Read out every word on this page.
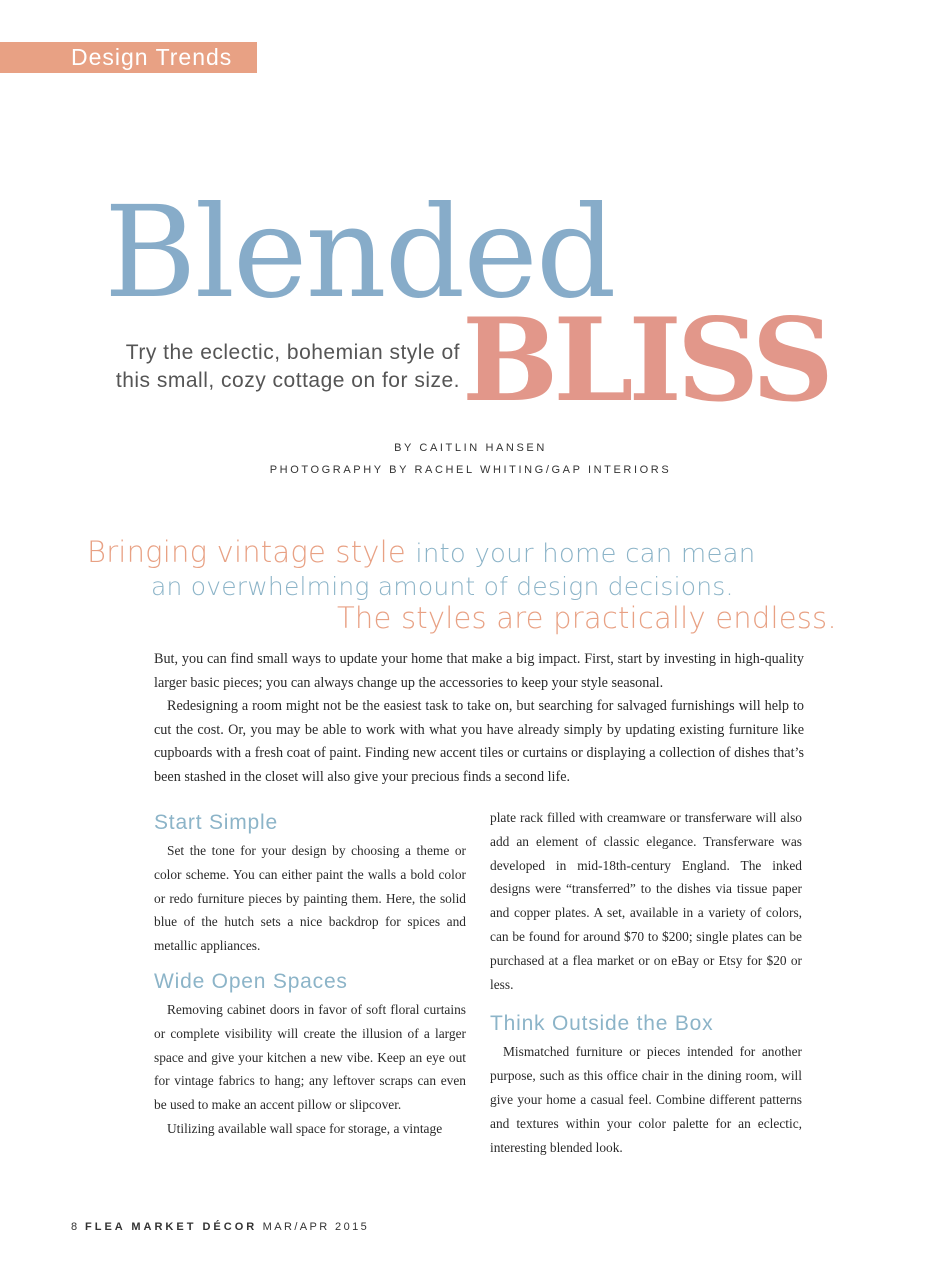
Design Trends
Blended
BLISS
Try the eclectic, bohemian style of
this small, cozy cottage on for size.
BY CAITLIN HANSEN
PHOTOGRAPHY BY RACHEL WHITING/GAP INTERIORS
Bringing vintage style into your home can mean
an overwhelming amount of design decisions.
The styles are practically endless.

But, you can find small ways to update your home that make a big impact. First, start by investing in high-quality larger basic pieces; you can always change up the accessories to keep your style seasonal.

Redesigning a room might not be the easiest task to take on, but searching for salvaged furnishings will help to cut the cost. Or, you may be able to work with what you have already simply by updating existing furniture like cupboards with a fresh coat of paint. Finding new accent tiles or curtains or displaying a collection of dishes that’s been stashed in the closet will also give your precious finds a second life.

Start Simple

Set the tone for your design by choosing a theme or color scheme. You can either paint the walls a bold color or redo furniture pieces by painting them. Here, the solid blue of the hutch sets a nice backdrop for spices and metallic appliances.

Wide Open Spaces

Removing cabinet doors in favor of soft floral curtains or complete visibility will create the illusion of a larger space and give your kitchen a new vibe. Keep an eye out for vintage fabrics to hang; any leftover scraps can even be used to make an accent pillow or slipcover.

Utilizing available wall space for storage, a vintage

plate rack filled with creamware or transferware will also add an element of classic elegance. Transferware was developed in mid-18th-century England. The inked designs were “transferred” to the dishes via tissue paper and copper plates. A set, available in a variety of colors, can be found for around $70 to $200; single plates can be purchased at a flea market or on eBay or Etsy for $20 or less.

Think Outside the Box

Mismatched furniture or pieces intended for another purpose, such as this office chair in the dining room, will give your home a casual feel. Combine different patterns and textures within your color palette for an eclectic, interesting blended look.

8 FLEA MARKET DÉCOR MAR/APR 2015
